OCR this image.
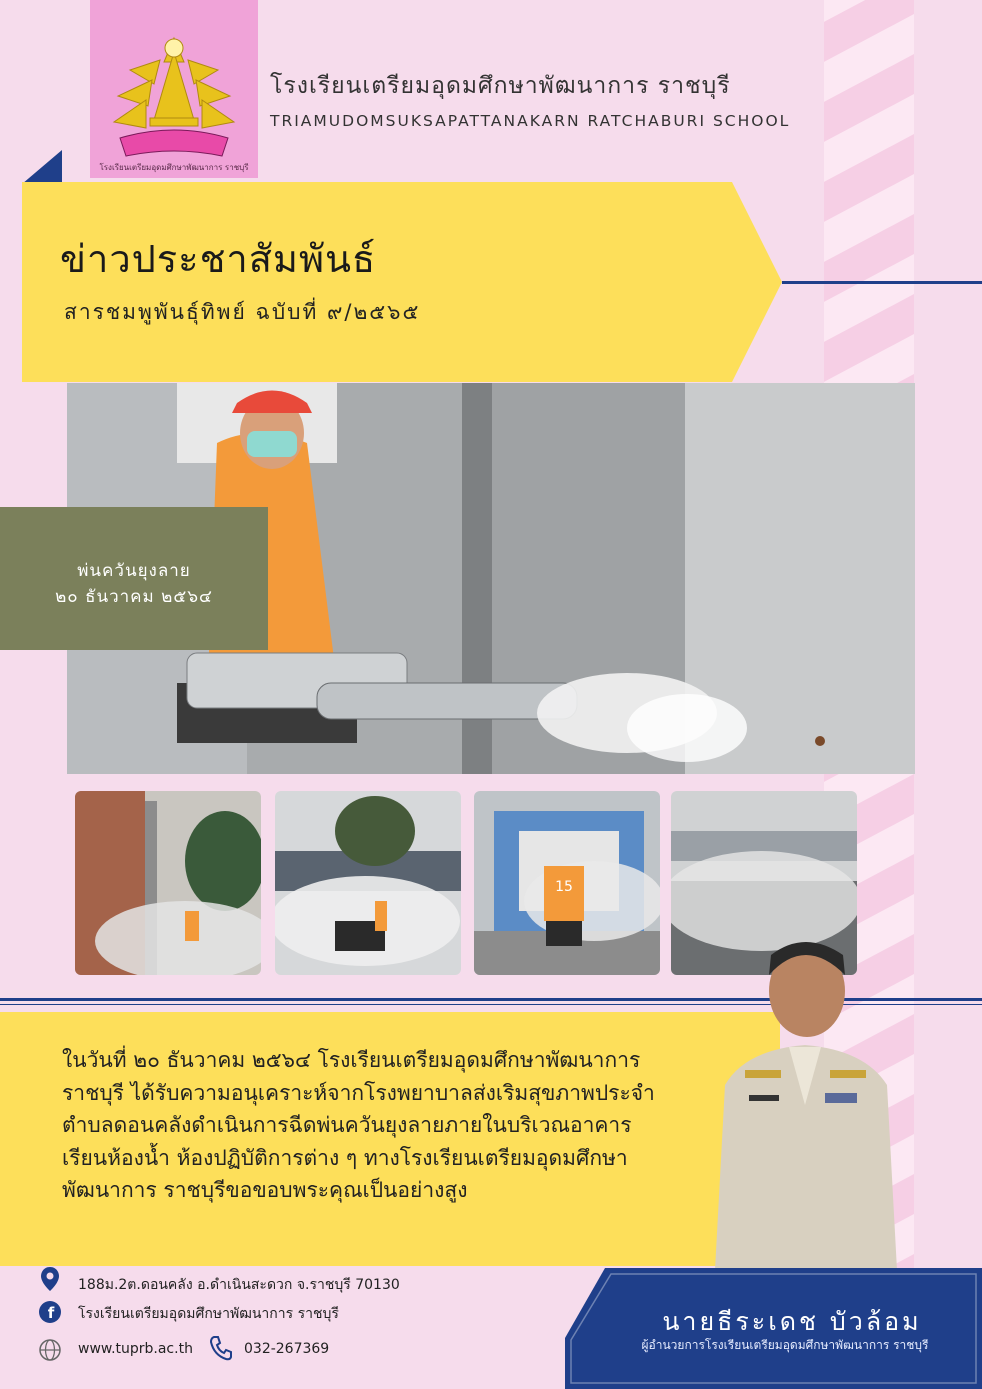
โรงเรียนเตรียมอุดมศึกษาพัฒนาการ ราชบุรี
โรงเรียนเตรียมอุดมศึกษาพัฒนาการ ราชบุรี
TRIAMUDOMSUKSAPATTANAKARN RATCHABURI SCHOOL
ข่าวประชาสัมพันธ์
สารชมพูพันธุ์ทิพย์ ฉบับที่ ๙/๒๕๖๕
พ่นควันยุงลาย
๒๐ ธันวาคม ๒๕๖๔
15
ในวันที่ ๒๐ ธันวาคม ๒๕๖๔ โรงเรียนเตรียมอุดมศึกษาพัฒนาการ
ราชบุรี ได้รับความอนุเคราะห์จากโรงพยาบาลส่งเริมสุขภาพประจำ
ตำบลดอนคลังดำเนินการฉีดพ่นควันยุงลายภายในบริเวณอาคาร
เรียนห้องน้ำ ห้องปฏิบัติการต่าง ๆ ทางโรงเรียนเตรียมอุดมศึกษา
พัฒนาการ ราชบุรีขอขอบพระคุณเป็นอย่างสูง
188ม.2ต.ดอนคลัง อ.ดำเนินสะดวก จ.ราชบุรี 70130
f โรงเรียนเตรียมอุดมศึกษาพัฒนาการ ราชบุรี
www.tuprb.ac.th	032-267369
นายธีระเดช บัวล้อม
ผู้อำนวยการโรงเรียนเตรียมอุดมศึกษาพัฒนาการ ราชบุรี
